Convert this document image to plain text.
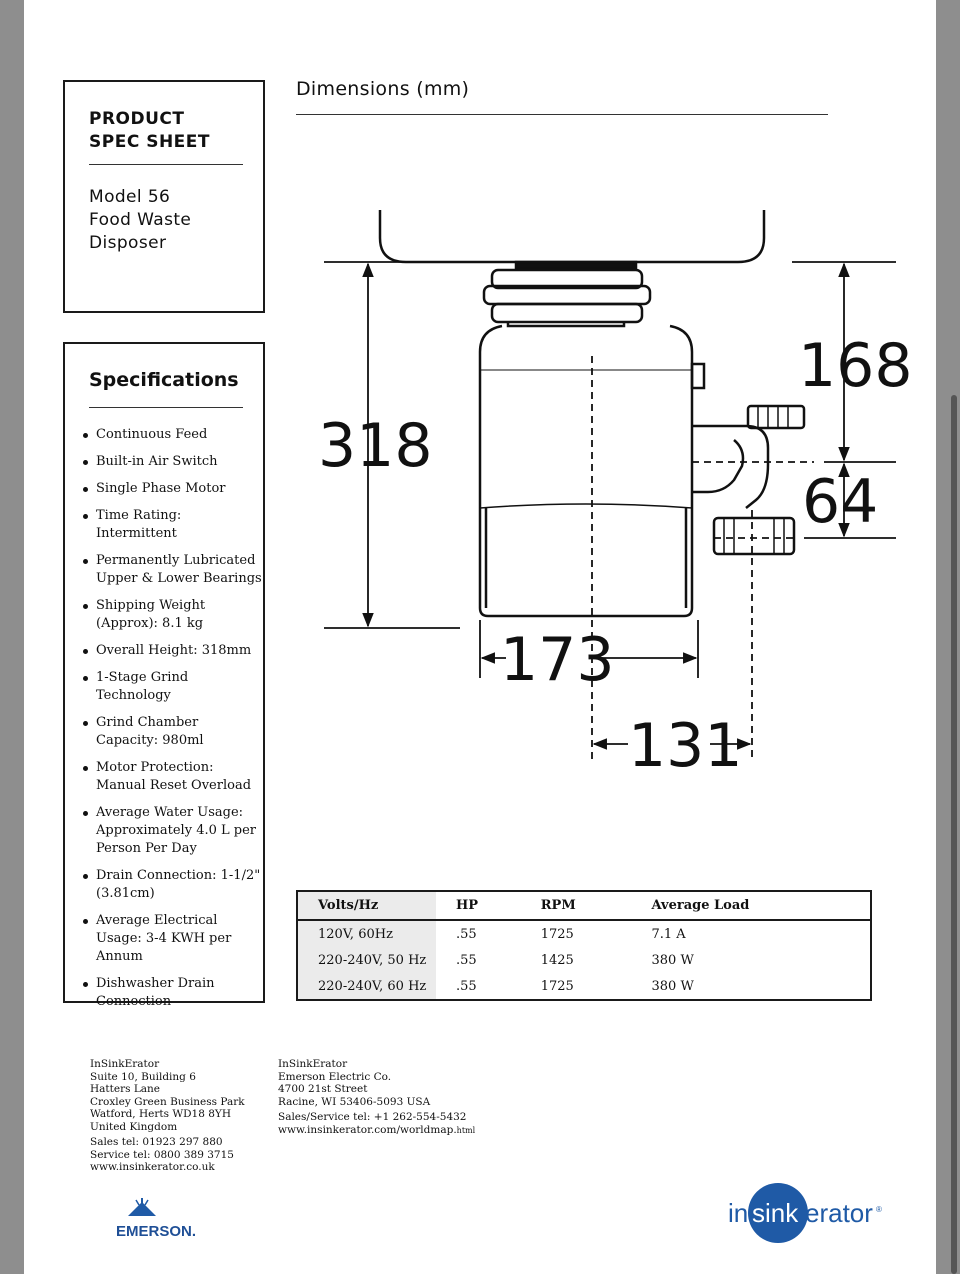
PRODUCT
SPEC SHEET
Model 56
Food Waste
Disposer
Specifications
Continuous Feed
Built-in Air Switch
Single Phase Motor
Time Rating: Intermittent
Permanently Lubricated Upper & Lower Bearings
Shipping Weight (Approx): 8.1 kg
Overall Height: 318mm
1-Stage Grind Technology
Grind Chamber Capacity: 980ml
Motor Protection: Manual Reset Overload
Average Water Usage: Approximately 4.0 L per Person Per Day
Drain Connection: 1-1/2" (3.81cm)
Average Electrical Usage: 3-4 KWH per Annum
Dishwasher Drain Connection
Dimensions (mm)
318
168
64
173
131
Volts/Hz	HP	RPM	Average Load
120V, 60Hz	.55	1725	7.1 A
220-240V, 50 Hz	.55	1425	380 W
220-240V, 60 Hz	.55	1725	380 W
InSinkErator
Suite 10, Building 6
Hatters Lane
Croxley Green Business Park
Watford, Herts WD18 8YH
United Kingdom
Sales tel: 01923 297 880
Service tel: 0800 389 3715
www.insinkerator.co.uk
InSinkErator
Emerson Electric Co.
4700 21st Street
Racine, WI 53406-5093 USA
Sales/Service tel: +1 262-554-5432
www.insinkerator.com/worldmap.html
EMERSON.
in sink erator ®
